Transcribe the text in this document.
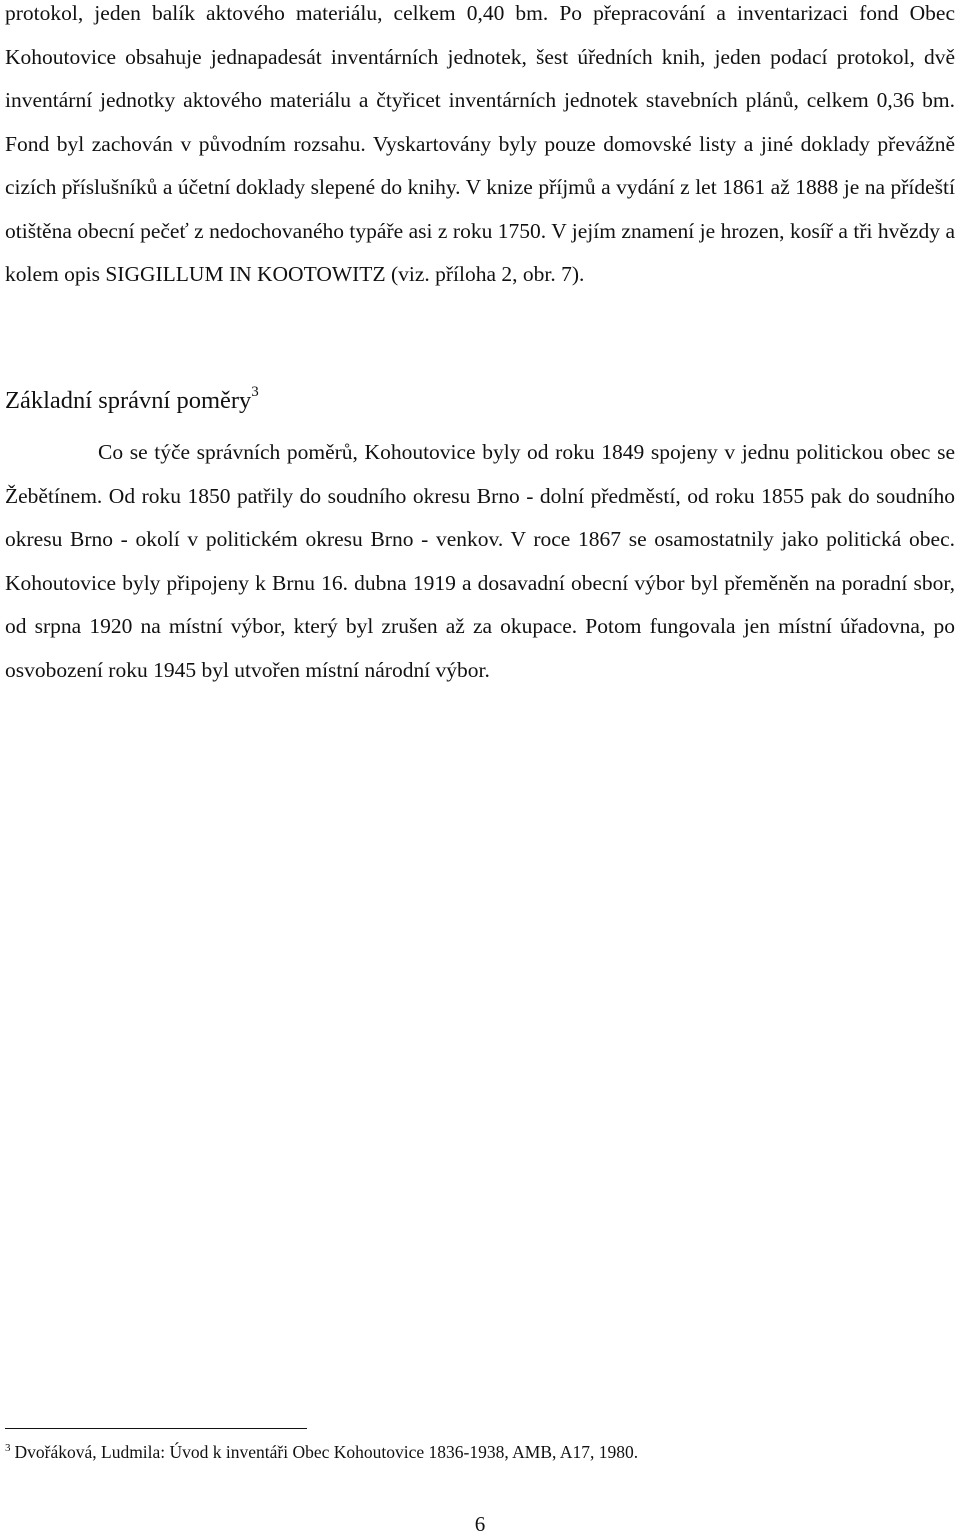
protokol, jeden balík aktového materiálu, celkem 0,40 bm. Po přepracování a inventarizaci fond Obec Kohoutovice obsahuje jednapadesát inventárních jednotek, šest úředních knih, jeden podací protokol, dvě inventární jednotky aktového materiálu a čtyřicet inventárních jednotek stavebních plánů, celkem 0,36 bm. Fond byl zachován v původním rozsahu. Vyskartovány byly pouze domovské listy a jiné doklady převážně cizích příslušníků a účetní doklady slepené do knihy. V knize příjmů a vydání z let 1861 až 1888 je na přídeští otištěna obecní pečeť z nedochovaného typáře asi z roku 1750. V jejím znamení je hrozen, kosíř a tři hvězdy a kolem opis SIGGILLUM IN KOOTOWITZ (viz. příloha 2, obr. 7).

Základní správní poměry$^3$

Co se týče správních poměrů, Kohoutovice byly od roku 1849 spojeny v jednu politickou obec se Žebětínem. Od roku 1850 patřily do soudního okresu Brno - dolní předměstí, od roku 1855 pak do soudního okresu Brno - okolí v politickém okresu Brno - venkov. V roce 1867 se osamostatnily jako politická obec. Kohoutovice byly připojeny k Brnu 16. dubna 1919 a dosavadní obecní výbor byl přeměněn na poradní sbor, od srpna 1920 na místní výbor, který byl zrušen až za okupace. Potom fungovala jen místní úřadovna, po osvobození roku 1945 byl utvořen místní národní výbor.

$^3$ Dvořáková, Ludmila: Úvod k inventáři Obec Kohoutovice 1836-1938, AMB, A17, 1980.

6
